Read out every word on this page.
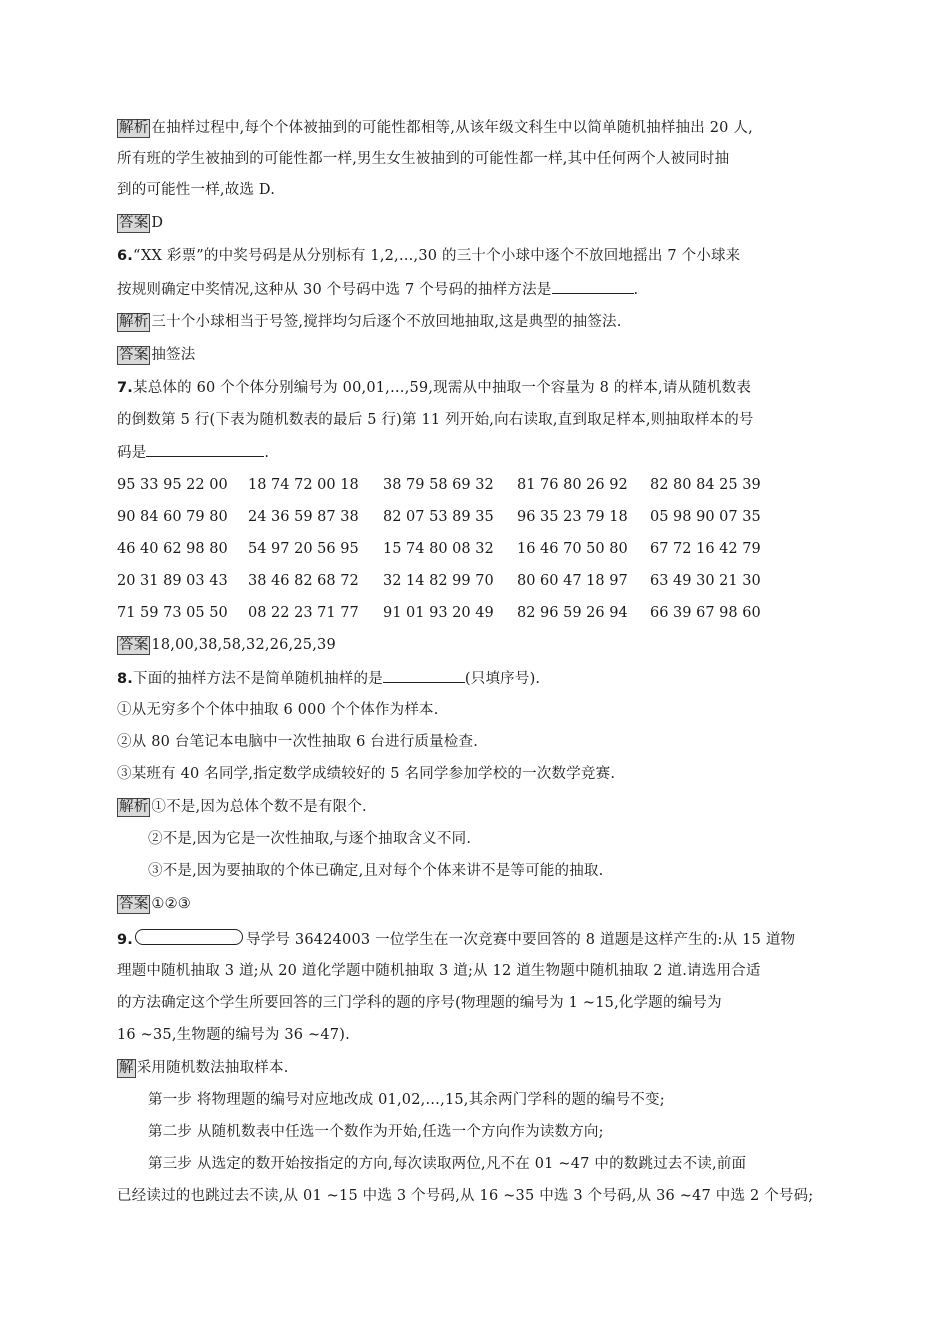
解析 在抽样过程中,每个个体被抽到的可能性都相等,从该年级文科生中以简单随机抽样抽出 20 人,
所有班的学生被抽到的可能性都一样,男生女生被抽到的可能性都一样,其中任何两个人被同时抽
到的可能性一样,故选 D.
答案 D
6.“XX 彩票”的中奖号码是从分别标有 1,2,…,30 的三十个小球中逐个不放回地摇出 7 个小球来
按规则确定中奖情况,这种从 30 个号码中选 7 个号码的抽样方法是	.
解析 三十个小球相当于号签,搅拌均匀后逐个不放回地抽取,这是典型的抽签法.
答案 抽签法
7.某总体的 60 个个体分别编号为 00,01,…,59,现需从中抽取一个容量为 8 的样本,请从随机数表
的倒数第 5 行(下表为随机数表的最后 5 行)第 11 列开始,向右读取,直到取足样本,则抽取样本的号
码是	.
95 33 95 22 00 18 74 72 00 18 38 79 58 69 32 81 76 80 26 92 82 80 84 25 39
90 84 60 79 80 24 36 59 87 38 82 07 53 89 35 96 35 23 79 18 05 98 90 07 35
46 40 62 98 80 54 97 20 56 95 15 74 80 08 32 16 46 70 50 80 67 72 16 42 79
20 31 89 03 43 38 46 82 68 72 32 14 82 99 70 80 60 47 18 97 63 49 30 21 30
71 59 73 05 50 08 22 23 71 77 91 01 93 20 49 82 96 59 26 94 66 39 67 98 60
答案 18,00,38,58,32,26,25,39
8.下面的抽样方法不是简单随机抽样的是	(只填序号).
①从无穷多个个体中抽取 6 000 个个体作为样本.
②从 80 台笔记本电脑中一次性抽取 6 台进行质量检查.
③某班有 40 名同学,指定数学成绩较好的 5 名同学参加学校的一次数学竞赛.
解析 ①不是,因为总体个数不是有限个.
②不是,因为它是一次性抽取,与逐个抽取含义不同.
③不是,因为要抽取的个体已确定,且对每个个体来讲不是等可能的抽取.
答案 ①②③
9.	导学号 36424003 一位学生在一次竞赛中要回答的 8 道题是这样产生的:从 15 道物
理题中随机抽取 3 道;从 20 道化学题中随机抽取 3 道;从 12 道生物题中随机抽取 2 道.请选用合适
的方法确定这个学生所要回答的三门学科的题的序号(物理题的编号为 1 ~15,化学题的编号为
16 ~35,生物题的编号为 36 ~47).
解 采用随机数法抽取样本.
第一步 将物理题的编号对应地改成 01,02,…,15,其余两门学科的题的编号不变;
第二步 从随机数表中任选一个数作为开始,任选一个方向作为读数方向;
第三步 从选定的数开始按指定的方向,每次读取两位,凡不在 01 ~47 中的数跳过去不读,前面
已经读过的也跳过去不读,从 01 ~15 中选 3 个号码,从 16 ~35 中选 3 个号码,从 36 ~47 中选 2 个号码;
